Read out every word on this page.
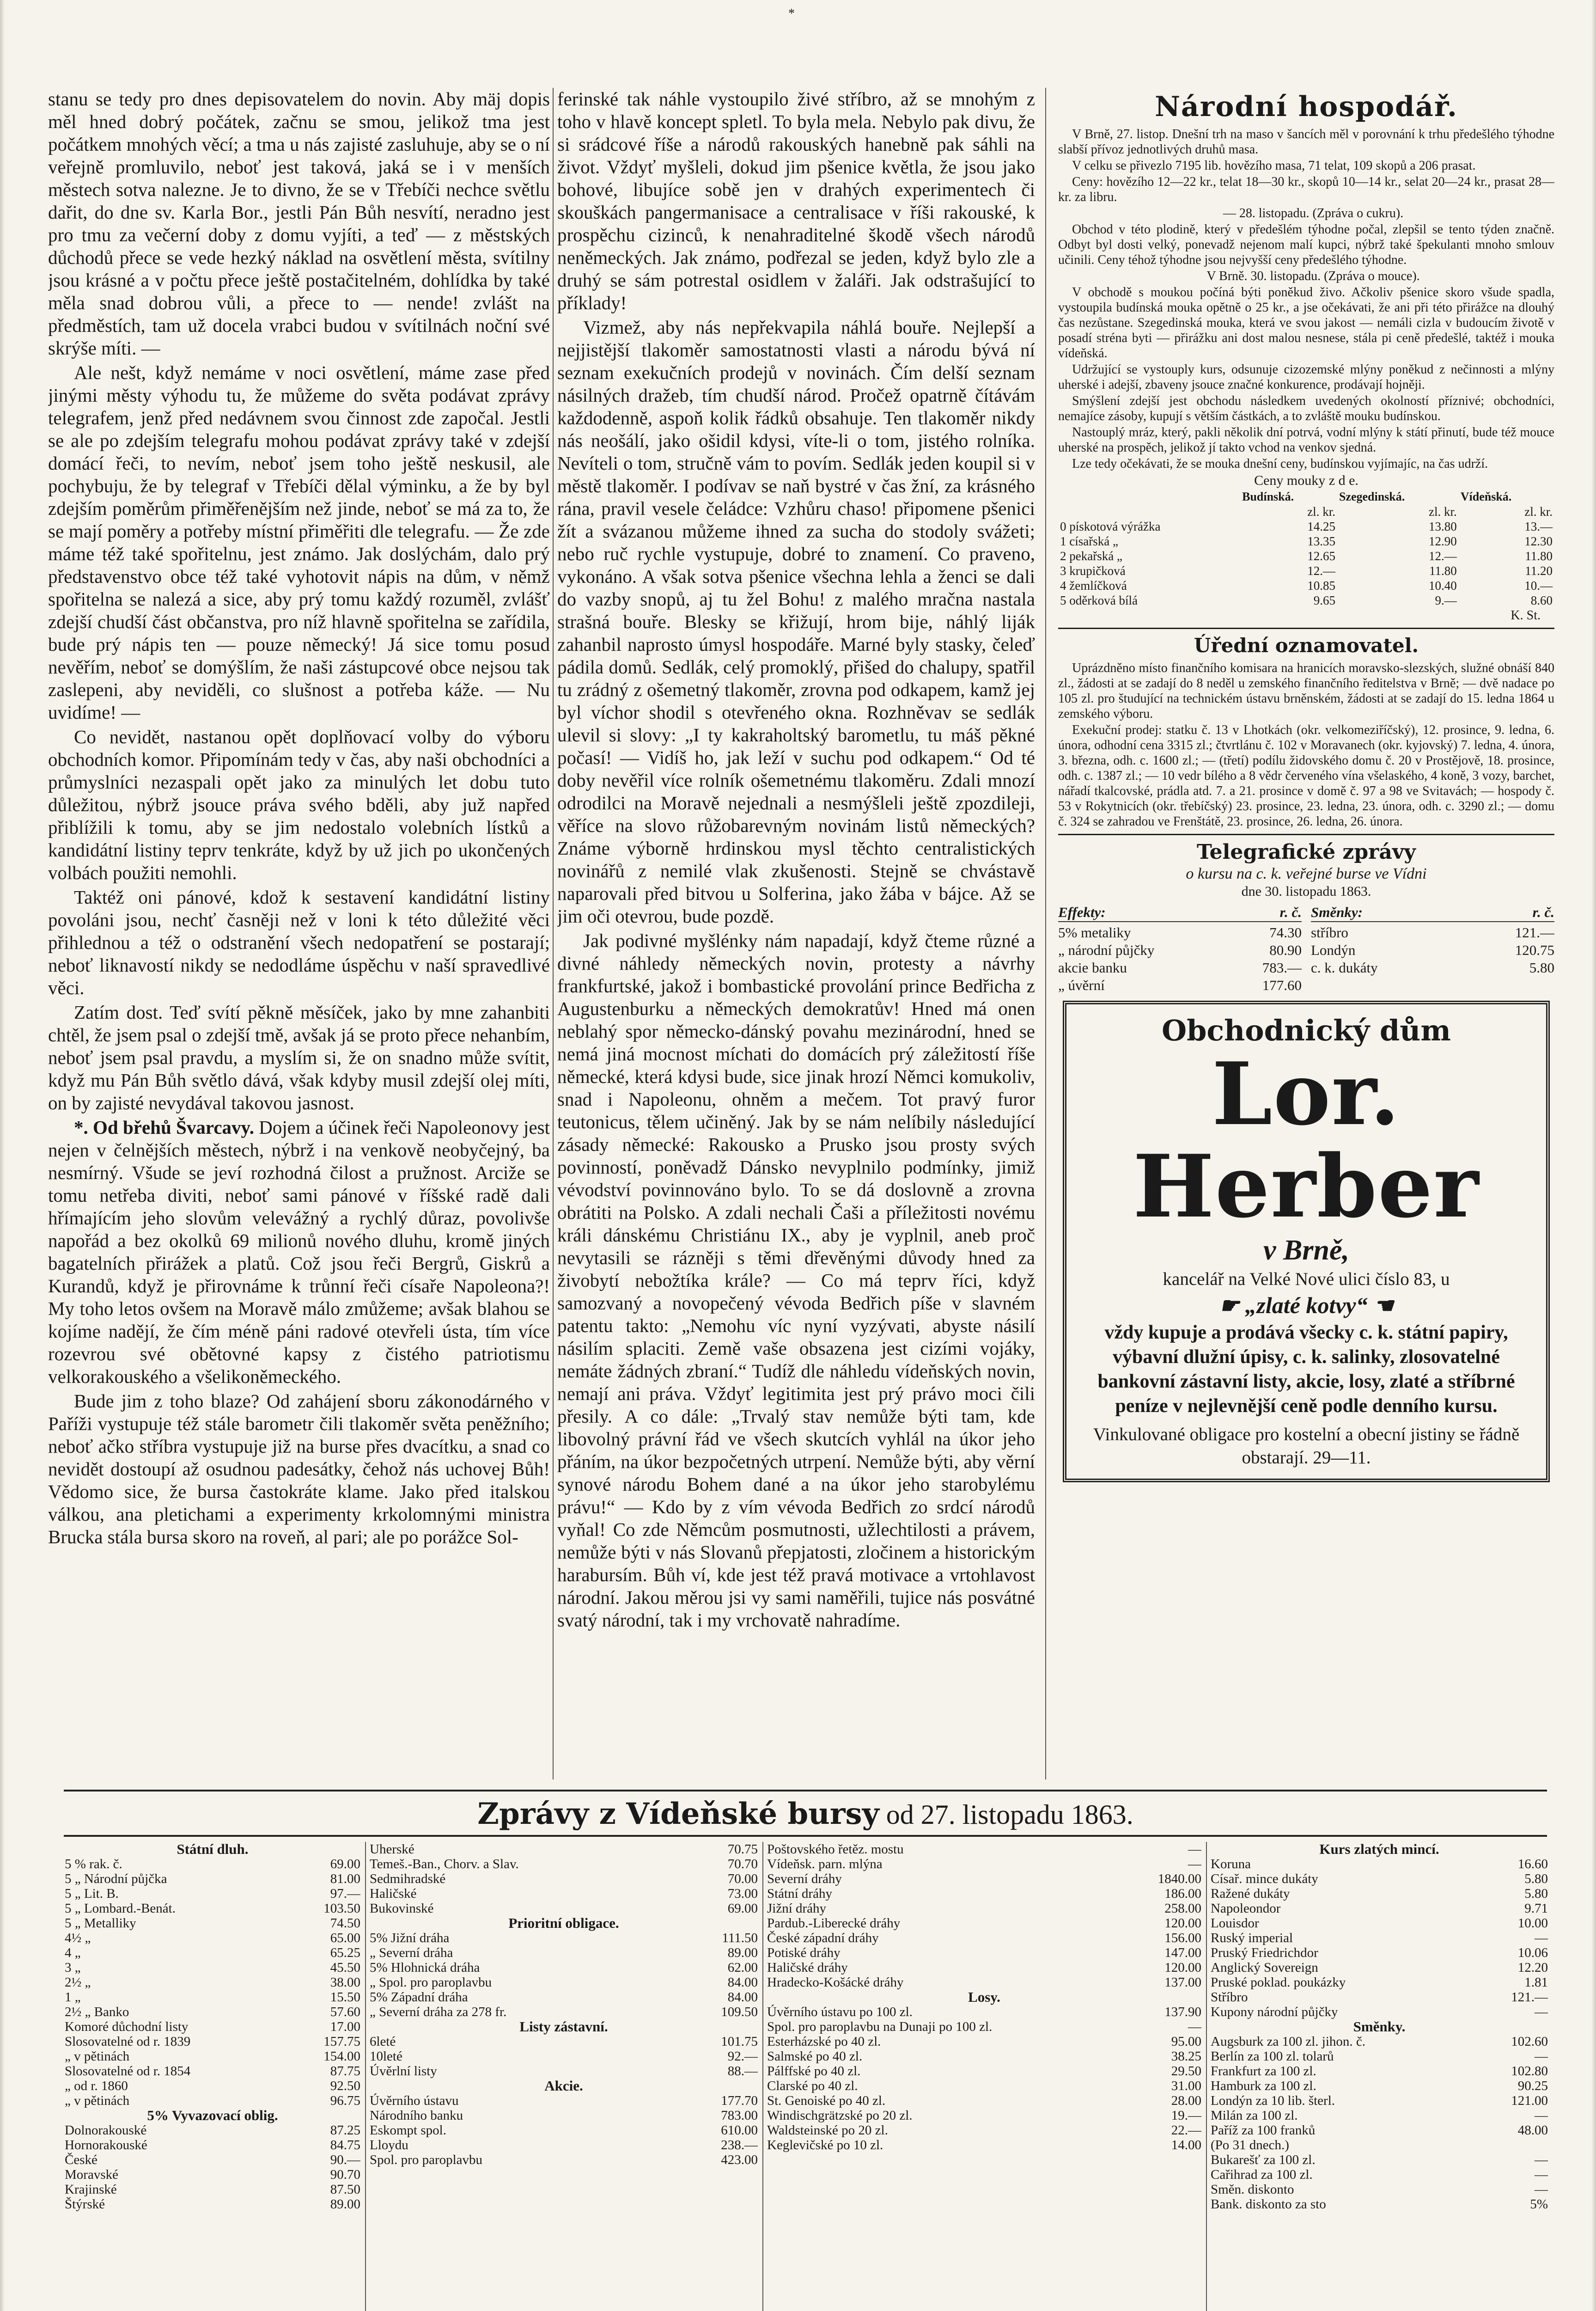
*

stanu se tedy pro dnes depisovatelem do novin. Aby mäj dopis měl hned dobrý počátek, začnu se smou, jelikož tma jest počátkem mnohých věcí; a tma u nás zajisté zasluhuje, aby se o ní veřejně promluvilo, neboť jest taková, jaká se i v menších městech sotva nalezne. Je to divno, že se v Třebíči nechce světlu dařit, do dne sv. Karla Bor., jestli Pán Bůh nesvítí, neradno jest pro tmu za večerní doby z domu vyjíti, a teď — z městských důchodů přece se vede hezký náklad na osvětlení města, svítilny jsou krásné a v počtu přece ještě postačitelném, dohlídka by také měla snad dobrou vůli, a přece to — nende! zvlášt na předměstích, tam už docela vrabci budou v svítilnách noční své skrýše míti. —

Ale nešt, když nemáme v noci osvětlení, máme zase před jinými městy výhodu tu, že můžeme do světa podávat zprávy telegrafem, jenž před nedávnem svou činnost zde započal. Jestli se ale po zdejším telegrafu mohou podávat zprávy také v zdejší domácí řeči, to nevím, neboť jsem toho ještě neskusil, ale pochybuju, že by telegraf v Třebíči dělal výminku, a že by byl zdejším poměrům přiměřenějším než jinde, neboť se má za to, že se mají poměry a potřeby místní přiměřiti dle telegrafu. — Že zde máme též také spořitelnu, jest známo. Jak doslýchám, dalo prý představenstvo obce též také vyhotovit nápis na dům, v němž spořitelna se nalezá a sice, aby prý tomu každý rozuměl, zvlášť zdejší chudší část občanstva, pro níž hlavně spořitelna se zařídila, bude prý nápis ten — pouze německý! Já sice tomu posud nevěřím, neboť se domýšlím, že naši zástupcové obce nejsou tak zaslepeni, aby neviděli, co slušnost a potřeba káže. — Nu uvidíme! —

Co nevidět, nastanou opět doplňovací volby do výboru obchodních komor. Připomínám tedy v čas, aby naši obchodníci a průmyslníci nezaspali opět jako za minulých let dobu tuto důležitou, nýbrž jsouce práva svého bděli, aby juž napřed přiblížili k tomu, aby se jim nedostalo volebních lístků a kandidátní listiny teprv tenkráte, když by už jich po ukončených volbách použiti nemohli.

Taktéž oni pánové, kdož k sestavení kandidátní listiny povoláni jsou, nechť časněji než v loni k této důležité věci přihlednou a též o odstranění všech nedopatření se postarají; neboť liknavostí nikdy se nedodláme úspěchu v naší spravedlivé věci.

Zatím dost. Teď svítí pěkně měsíček, jako by mne zahanbiti chtěl, že jsem psal o zdejší tmě, avšak já se proto přece nehanbím, neboť jsem psal pravdu, a myslím si, že on snadno může svítit, když mu Pán Bůh světlo dává, však kdyby musil zdejší olej míti, on by zajisté nevydával takovou jasnost.

*. Od břehů Švarcavy. Dojem a účinek řeči Napoleonovy jest nejen v čelnějších městech, nýbrž i na venkově neobyčejný, ba nesmírný. Všude se jeví rozhodná čilost a pružnost. Arciže se tomu netřeba diviti, neboť sami pánové v říšské radě dali hřímajícím jeho slovům velevážný a rychlý důraz, povolivše napořád a bez okolků 69 milionů nového dluhu, kromě jiných bagatelních přirážek a platů. Což jsou řeči Bergrů, Giskrů a Kurandů, když je přirovnáme k trůnní řeči císaře Napoleona?! My toho letos ovšem na Moravě málo zmůžeme; avšak blahou se kojíme nadějí, že čím méně páni radové otevřeli ústa, tím více rozevrou své obětovné kapsy z čistého patriotismu velkorakouského a všelikoněmeckého.

Bude jim z toho blaze? Od zahájení sboru zákonodárného v Paříži vystupuje též stále barometr čili tlakoměr světa peněžního; neboť ačko stříbra vystupuje již na burse přes dvacítku, a snad co nevidět dostoupí až osudnou padesátky, čehož nás uchovej Bůh! Vědomo sice, že bursa častokráte klame. Jako před italskou válkou, ana pletichami a experimenty krkolomnými ministra Brucka stála bursa skoro na roveň, al pari; ale po porážce Sol-

ferinské tak náhle vystoupilo živé stříbro, až se mnohým z toho v hlavě koncept spletl. To byla mela. Nebylo pak divu, že si srádcové říše a národů rakouských hanebně pak sáhli na život. Vždyť myšleli, dokud jim pšenice květla, že jsou jako bohové, libujíce sobě jen v drahých experimentech či skouškách pangermanisace a centralisace v říši rakouské, k prospěchu cizinců, k nenahraditelné škodě všech národů neněmeckých. Jak známo, podřezal se jeden, když bylo zle a druhý se sám potrestal osidlem v žaláři. Jak odstrašující to příklady!

Vizmež, aby nás nepřekvapila náhlá bouře. Nejlepší a nejjistější tlakoměr samostatnosti vlasti a národu bývá ní seznam exekučních prodejů v novinách. Čím delší seznam násilných dražeb, tím chudší národ. Pročež opatrně čítávám každodenně, aspoň kolik řádků obsahuje. Ten tlakoměr nikdy nás neošálí, jako ošidil kdysi, víte-li o tom, jistého rolníka. Nevíteli o tom, stručně vám to povím. Sedlák jeden koupil si v městě tlakoměr. I podívav se naň bystré v čas žní, za krásného rána, pravil vesele čeládce: Vzhůru chaso! připomene pšenici žít a svázanou můžeme ihned za sucha do stodoly svážeti; nebo ruč rychle vystupuje, dobré to znamení. Co praveno, vykonáno. A však sotva pšenice všechna lehla a ženci se dali do vazby snopů, aj tu žel Bohu! z malého mračna nastala strašná bouře. Blesky se křižují, hrom bije, náhlý liják zahanbil naprosto úmysl hospodáře. Marné byly stasky, čeleď pádila domů. Sedlák, celý promoklý, přišed do chalupy, spatřil tu zrádný z ošemetný tlakoměr, zrovna pod odkapem, kamž jej byl víchor shodil s otevřeného okna. Rozhněvav se sedlák ulevil si slovy: „I ty kakraholtský barometlu, tu máš pěkné počasí! — Vidíš ho, jak leží v suchu pod odkapem.“ Od té doby nevěřil více rolník ošemetnému tlakoměru. Zdali mnozí odrodilci na Moravě nejednali a nesmýšleli ještě zpozdileji, věříce na slovo růžobarevným novinám listů německých? Známe výborně hrdinskou mysl těchto centralistických novinářů z nemilé vlak zkušenosti. Stejně se chvástavě naparovali před bitvou u Solferina, jako žába v bájce. Až se jim oči otevrou, bude pozdě.

Jak podivné myšlénky nám napadají, když čteme různé a divné náhledy německých novin, protesty a návrhy frankfurtské, jakož i bombastické provolání prince Bedřicha z Augustenburku a německých demokratův! Hned má onen neblahý spor německo-dánský povahu mezinárodní, hned se nemá jiná mocnost míchati do domácích prý záležitostí říše německé, která kdysi bude, sice jinak hrozí Němci komukoliv, snad i Napoleonu, ohněm a mečem. Tot pravý furor teutonicus, tělem učiněný. Jak by se nám nelíbily následující zásady německé: Rakousko a Prusko jsou prosty svých povinností, poněvadž Dánsko nevyplnilo podmínky, jimiž vévodství povinnováno bylo. To se dá doslovně a zrovna obrátiti na Polsko. A zdali nechali Čaši a příležitosti novému králi dánskému Christiánu IX., aby je vyplnil, aneb proč nevytasili se rázněji s těmi dřevěnými důvody hned za živobytí nebožtíka krále? — Co má teprv říci, když samozvaný a novopečený vévoda Bedřich píše v slavném patentu takto: „Nemohu víc nyní vyzývati, abyste násilí násilím splaciti. Země vaše obsazena jest cizími vojáky, nemáte žádných zbraní.“ Tudíž dle náhledu vídeňských novin, nemají ani práva. Vždyť legitimita jest prý právo moci čili přesily. A co dále: „Trvalý stav nemůže býti tam, kde libovolný právní řád ve všech skutcích vyhlál na úkor jeho přáním, na úkor bezpočetných utrpení. Nemůže býti, aby věrní synové národu Bohem dané a na úkor jeho starobylému právu!“ — Kdo by z vím vévoda Bedřich zo srdcí národů vyňal! Co zde Němcům posmutnosti, užlechtilosti a právem, nemůže býti v nás Slovanů přepjatosti, zločinem a historickým harabursím. Bůh ví, kde jest též pravá motivace a vrtohlavost národní. Jakou měrou jsi vy sami naměřili, tujice nás posvátné svatý národní, tak i my vrchovatě nahradíme.

Národní hospodář.

V Brně, 27. listop. Dnešní trh na maso v šancích měl v porovnání k trhu předešlého týhodne slabší přívoz jednotlivých druhů masa.

V celku se přivezlo 7195 lib. hovězího masa, 71 telat, 109 skopů a 206 prasat.

Ceny: hovězího 12—22 kr., telat 18—30 kr., skopů 10—14 kr., selat 20—24 kr., prasat 28— kr. za libru.

— 28. listopadu. (Zpráva o cukru).

Obchod v této plodině, který v předešlém týhodne počal, zlepšil se tento týden značně. Odbyt byl dosti velký, ponevadž nejenom malí kupci, nýbrž také špekulanti mnoho smlouv učinili. Ceny téhož týhodne jsou nejvyšší ceny předešlého týhodne.

V Brně. 30. listopadu. (Zpráva o mouce).

V obchodě s moukou počíná býti poněkud živo. Ačkoliv pšenice skoro všude spadla, vystoupila budínská mouka opětně o 25 kr., a jse očekávati, že ani při této přirážce na dlouhý čas nezůstane. Szegedinská mouka, která ve svou jakost — nemáli cizla v budoucím životě v posadí stréna byti — přirážku ani dost malou nesnese, stála pi ceně předešlé, taktéž i mouka vídeňská.

Udržující se vystouply kurs, odsunuje cizozemské mlýny poněkud z nečinnosti a mlýny uherské i adejší, zbaveny jsouce značné konkurence, prodávají hojněji.

Smýšlení zdejší jest obchodu následkem uvedených okolností příznivé; obchodníci, nemajíce zásoby, kupují s větším částkách, a to zvláště mouku budínskou.

Nastouplý mráz, který, pakli několik dní potrvá, vodní mlýny k státí přinutí, bude též mouce uherské na prospěch, jelikož jí takto vchod na venkov sjedná.

Lze tedy očekávati, že se mouka dnešní ceny, budínskou vyjímajíc, na čas udrží.

Ceny mouky z d e.
	Budínská.	Szegedinská.	Vídeňská.
	zl. kr.	zl. kr.	zl. kr.
0 pískotová výrážka	14.25	13.80	13.—
1 císařská „	13.35	12.90	12.30
2 pekařská „	12.65	12.—	11.80
3 krupičková	12.—	11.80	11.20
4 žemlíčková	10.85	10.40	10.—
5 oděrková bílá	9.65	9.—	8.60
K. St.
Úřední oznamovatel.

Uprázdněno místo finančního komisara na hranicích moravsko-slezských, služné obnáší 840 zl., žádosti at se zadají do 8 neděl u zemského finančního ředitelstva v Brně; — dvě nadace po 105 zl. pro študující na technickém ústavu brněnském, žádosti at se zadají do 15. ledna 1864 u zemského výboru.

Exekuční prodej: statku č. 13 v Lhotkách (okr. velkomeziříčský), 12. prosince, 9. ledna, 6. února, odhodní cena 3315 zl.; čtvrtlánu č. 102 v Moravanech (okr. kyjovský) 7. ledna, 4. února, 3. března, odh. c. 1600 zl.; — (třetí) podílu židovského domu č. 20 v Prostějově, 18. prosince, odh. c. 1387 zl.; — 10 vedr bílého a 8 vědr červeného vína všelaského, 4 koně, 3 vozy, barchet, nářadí tkalcovské, prádla atd. 7. a 21. prosince v domě č. 97 a 98 ve Svitavách; — hospody č. 53 v Rokytnicích (okr. třebíčský) 23. prosince, 23. ledna, 23. února, odh. c. 3290 zl.; — domu č. 324 se zahradou ve Frenštátě, 23. prosince, 26. ledna, 26. února.

Telegrafické zprávy
o kursu na c. k. veřejné burse ve Vídni
dne 30. listopadu 1863.
Effekty:	r. č.
5% metaliky	74.30
„ národní půjčky	80.90
akcie banku	783.—
„ úvěrní	177.60
Směnky:	r. č.
stříbro	121.—
Londýn	120.75
c. k. dukáty	5.80
Obchodnický dům
Lor. Herber
v Brně,
kancelář na Velké Nové ulici číslo 83, u
☛ „zlaté kotvy“ ☚
vždy kupuje a prodává všecky c. k. státní papiry, výbavní dlužní úpisy, c. k. salinky, zlosovatelné bankovní zástavní listy, akcie, losy, zlaté a stříbrné peníze v nejlevnější ceně podle denního kursu.
Vinkulované obligace pro kostelní a obecní jistiny se řádně obstarají. 29—11.
Zprávy z Vídeňské bursy od 27. listopadu 1863.
Státní dluh.
5 % rak. č.	69.00
5 „ Národní půjčka	81.00
5 „ Lit. B.	97.—
5 „ Lombard.-Benát.	103.50
5 „ Metalliky	74.50
4½ „	65.00
4 „	65.25
3 „	45.50
2½ „	38.00
1 „	15.50
2½ „ Banko	57.60
Komoré důchodní listy	17.00
Slosovatelné od r. 1839	157.75
„ v pětinách	154.00
Slosovatelné od r. 1854	87.75
„ od r. 1860	92.50
„ v pětinách	96.75
5% Vyvazovací oblig.
Dolnorakouské	87.25
Hornorakouské	84.75
České	90.—
Moravské	90.70
Krajinské	87.50
Štýrské	89.00
Uherské	70.75
Temeš.-Ban., Chorv. a Slav.	70.70
Sedmihradské	70.00
Haličské	73.00
Bukovinské	69.00
Prioritní obligace.
5% Jižní dráha	111.50
„ Severní dráha	89.00
5% Hlohnická dráha	62.00
„ Spol. pro paroplavbu	84.00
5% Západní dráha	84.00
„ Severní dráha za 278 fr.	109.50
Listy zástavní.
6leté	101.75
10leté	92.—
Úvěrlní listy	88.—
Akcie.
Úvěrního ústavu	177.70
Národního banku	783.00
Eskompt spol.	610.00
Lloydu	238.—
Spol. pro paroplavbu	423.00
Poštovského řetěz. mostu	—
Vídeňsk. parn. mlýna	—
Severní dráhy	1840.00
Státní dráhy	186.00
Jižní dráhy	258.00
Pardub.-Liberecké dráhy	120.00
České západní dráhy	156.00
Potiské dráhy	147.00
Haličské dráhy	120.00
Hradecko-Košácké dráhy	137.00
Losy.
Úvěrního ústavu po 100 zl.	137.90
Spol. pro paroplavbu na Dunaji po 100 zl.	—
Esterházské po 40 zl.	95.00
Salmské po 40 zl.	38.25
Pálffské po 40 zl.	29.50
Clarské po 40 zl.	31.00
St. Genoiské po 40 zl.	28.00
Windischgrätzské po 20 zl.	19.—
Waldsteinské po 20 zl.	22.—
Keglevičské po 10 zl.	14.00
Kurs zlatých mincí.
Koruna	16.60
Císař. mince dukáty	5.80
Ražené dukáty	5.80
Napoleondor	9.71
Louisdor	10.00
Ruský imperial	—
Pruský Friedrichdor	10.06
Anglický Sovereign	12.20
Pruské poklad. poukázky	1.81
Stříbro	121.—
Kupony národní půjčky	—
Směnky.
Augsburk za 100 zl. jihon. č.	102.60
Berlín za 100 zl. tolarů	—
Frankfurt za 100 zl.	102.80
Hamburk za 100 zl.	90.25
Londýn za 10 lib. šterl.	121.00
Milán za 100 zl.	—
Paříž za 100 franků	48.00
(Po 31 dnech.)
Bukarešť za 100 zl.	—
Cařihrad za 100 zl.	—
Směn. diskonto	—
Bank. diskonto za sto	5%
